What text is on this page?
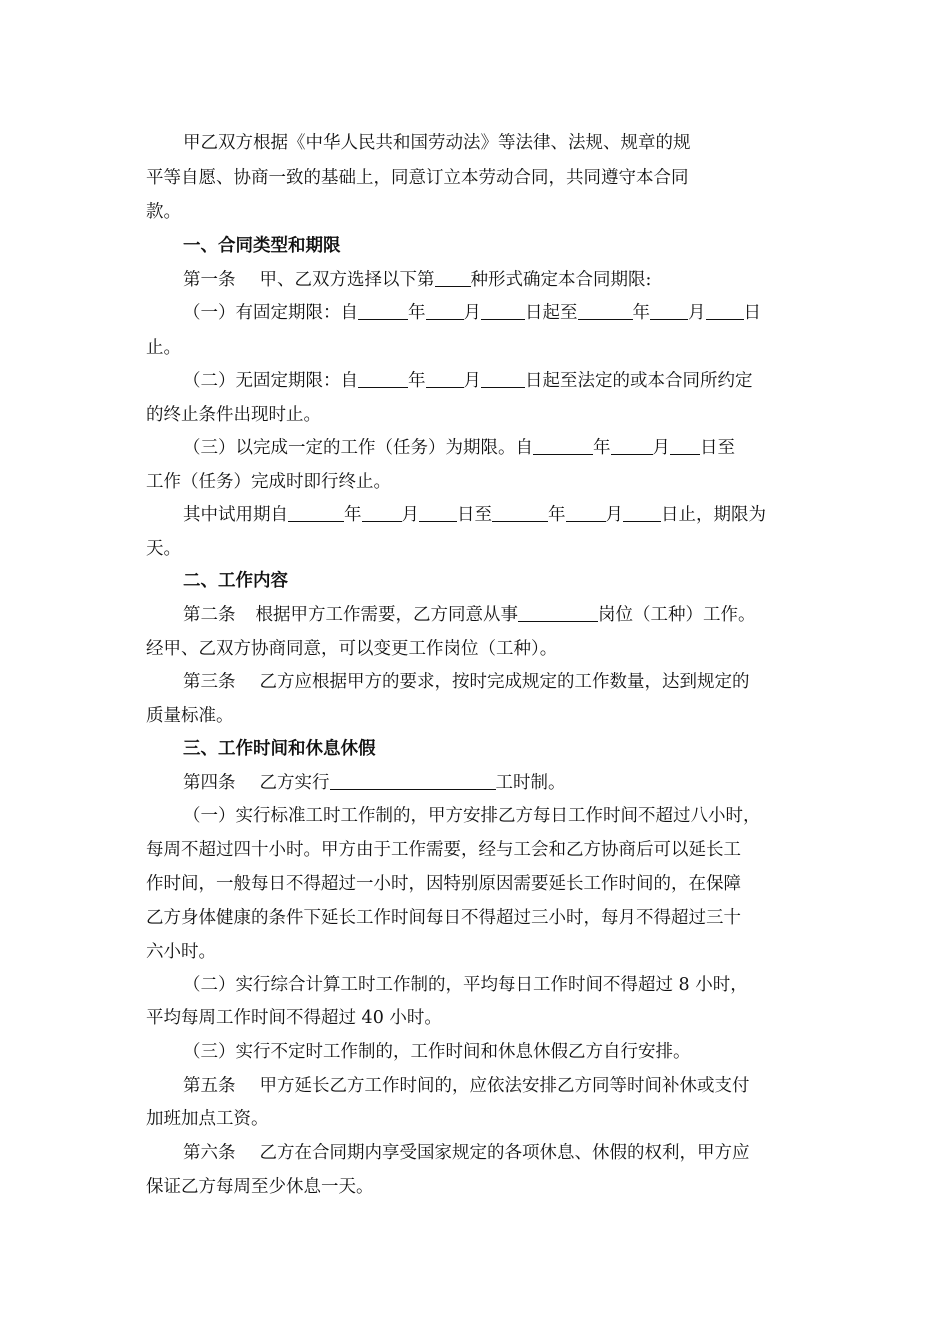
甲乙双方根据《中华人民共和国劳动法》等法律、法规、规章的规
平等自愿、协商一致的基础上，同意订立本劳动合同，共同遵守本合同
款。
一、合同类型和期限
第一条 甲、乙双方选择以下第 种形式确定本合同期限:
（一）有固定期限：自	年 月	日起至	年 月 日
止。
（二）无固定期限：自	年 月	日起至法定的或本合同所约定
的终止条件出现时止。
（三）以完成一定的工作（任务）为期限。自	年 月 日至
工作（任务）完成时即行终止。
其中试用期自	年 月 日至	年 月 日止，期限为
天。
二、工作内容
第二条 根据甲方工作需要，乙方同意从事	岗位（工种）工作。
经甲、乙双方协商同意，可以变更工作岗位（工种）。
第三条 乙方应根据甲方的要求，按时完成规定的工作数量，达到规定的
质量标准。
三、工作时间和休息休假
第四条 乙方实行	工时制。
（一）实行标准工时工作制的，甲方安排乙方每日工作时间不超过八小时，
每周不超过四十小时。甲方由于工作需要，经与工会和乙方协商后可以延长工
作时间，一般每日不得超过一小时，因特别原因需要延长工作时间的，在保障
乙方身体健康的条件下延长工作时间每日不得超过三小时，每月不得超过三十
六小时。
（二）实行综合计算工时工作制的，平均每日工作时间不得超过 8 小时，
平均每周工作时间不得超过 40 小时。
（三）实行不定时工作制的，工作时间和休息休假乙方自行安排。
第五条 甲方延长乙方工作时间的，应依法安排乙方同等时间补休或支付
加班加点工资。
第六条 乙方在合同期内享受国家规定的各项休息、休假的权利，甲方应
保证乙方每周至少休息一天。
